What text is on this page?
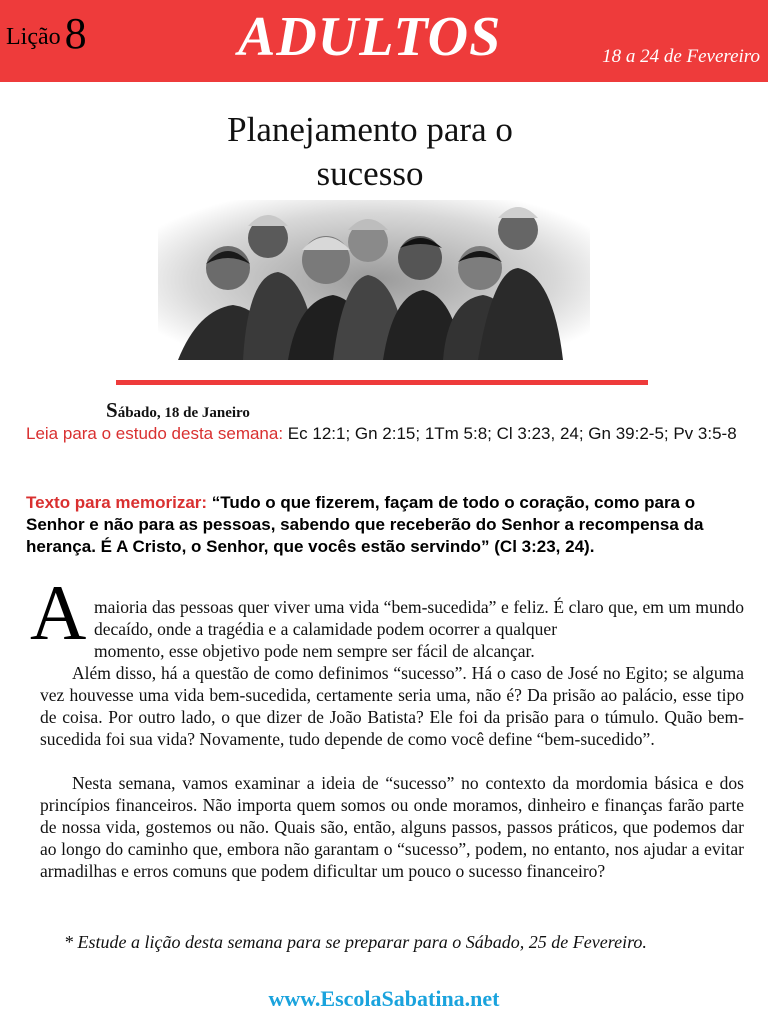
Lição8	ADULTOS	18 a 24 de Fevereiro
Planejamento para o sucesso
Sábado, 18 de Janeiro
Leia para o estudo desta semana: Ec 12:1; Gn 2:15; 1Tm 5:8; Cl 3:23, 24; Gn 39:2-5; Pv 3:5-8
Texto para memorizar: “Tudo o que fizerem, façam de todo o coração, como para o Senhor e não para as pessoas, sabendo que receberão do Senhor a recompensa da herança. É A Cristo, o Senhor, que vocês estão servindo” (Cl 3:23, 24).
A maioria das pessoas quer viver uma vida “bem-sucedida” e feliz. É claro que, em um mundo decaído, onde a tragédia e a calamidade podem ocorrer a qualquer
momento, esse objetivo pode nem sempre ser fácil de alcançar.
Além disso, há a questão de como definimos “sucesso”. Há o caso de José no Egito; se alguma vez houvesse uma vida bem-sucedida, certamente seria uma, não é? Da prisão ao palácio, esse tipo de coisa. Por outro lado, o que dizer de João Batista? Ele foi da prisão para o túmulo. Quão bem-sucedida foi sua vida? Novamente, tudo depende de como você define “bem-sucedido”.
Nesta semana, vamos examinar a ideia de “sucesso” no contexto da mordomia básica e dos princípios financeiros. Não importa quem somos ou onde moramos, dinheiro e finanças farão parte de nossa vida, gostemos ou não. Quais são, então, alguns passos, passos práticos, que podemos dar ao longo do caminho que, embora não garantam o “sucesso”, podem, no entanto, nos ajudar a evitar armadilhas e erros comuns que podem dificultar um pouco o sucesso financeiro?
* Estude a lição desta semana para se preparar para o Sábado, 25 de Fevereiro.
www.EscolaSabatina.net
